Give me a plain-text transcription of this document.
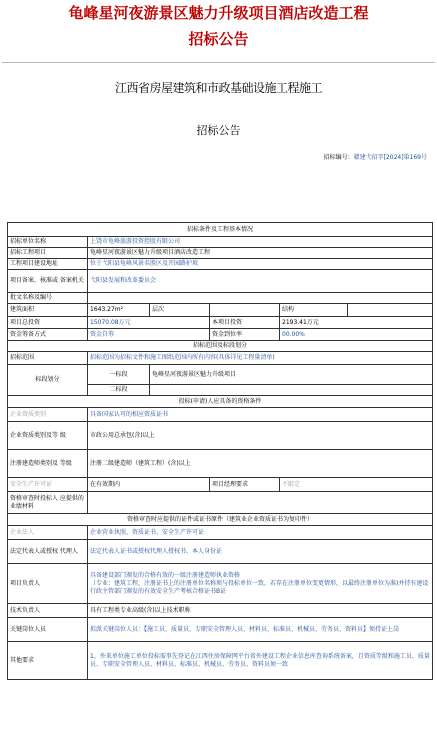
龟峰星河夜游景区魅力升级项目酒店改造工程
招标公告
江西省房屋建筑和市政基础设施工程施工
招标公告
招标编号：赣建弋招字[2024]第169号
招标条件及工程基本情况					
招标单位名称	上饶市龟峰旅游投资控股有限公司				
招标工程项目	龟峰星河夜游景区魅力升级项目酒店改造工程				
工程项目建设地址	位于弋阳县龟峰风景名胜区及开园路护坡				
项目备案、核准或 备案机关	弋阳县发展和改革委员会				
批文名称及编号					
建筑面积	1643.27m²	层次		结构	
项目总投资	15070.08万元		本项目投资	2193.41万元	
资金筹备方式	资金自筹		资金到位率	00.00%	
招标范围及标段划分					
招标范围	招标范围为招标文件和施工图纸范围内所有内容(具体详见工程量清单)				
标段划分	一标段	龟峰星河夜游景区魅力升级项目			
	二标段				
投标(申请)人应具备的资格条件					
企业资质类别	具备国家认可的相应资质证书				
企业资质类别及等 级	市政公用总承包(含)以上				
注册建造师类别及 等级	注册二级建造师（建筑工程）(含)以上				
安全生产许可证	在有效期内		项目经理要求	不限定	
资格审查时投标人 应提供的业绩材料					
资格审查时应提供的证件或证书原件（建筑业企业资质证书为复印件）					
企业法人	企业营业执照、资质证书、安全生产许可证				
法定代表人或授权 代理人	法定代表人证书或授权代理人授权书、本人身份证				
项目负责人	具备建设部门颁发的合格有效的一级注册建造师执业资格
（专业：建筑工程，注册证书上的注册单位名称须与投标单位一致，若存在注册单位变更情形，以最终注册单位为准)并持有建设行政主管部门颁发的有效安全生产考核合格证书B证				
技术负责人	具有工程类专业高级(含)以上技术职称				
关键岗位人员	拟派关键岗位人员：【施工员、质量员、专职安全管理人员、材料员、标准员、机械员、劳务员、资料员】须持证上岗				
其他要求	1、外来单位施工单位投标需事先登记在江西住房保障网平台省外建设工程企业信息库查询系统备案，且资质等级和施工员、质量员、专职安全管理人员、材料员、标准员、机械员、劳务员、资料员须一致				
